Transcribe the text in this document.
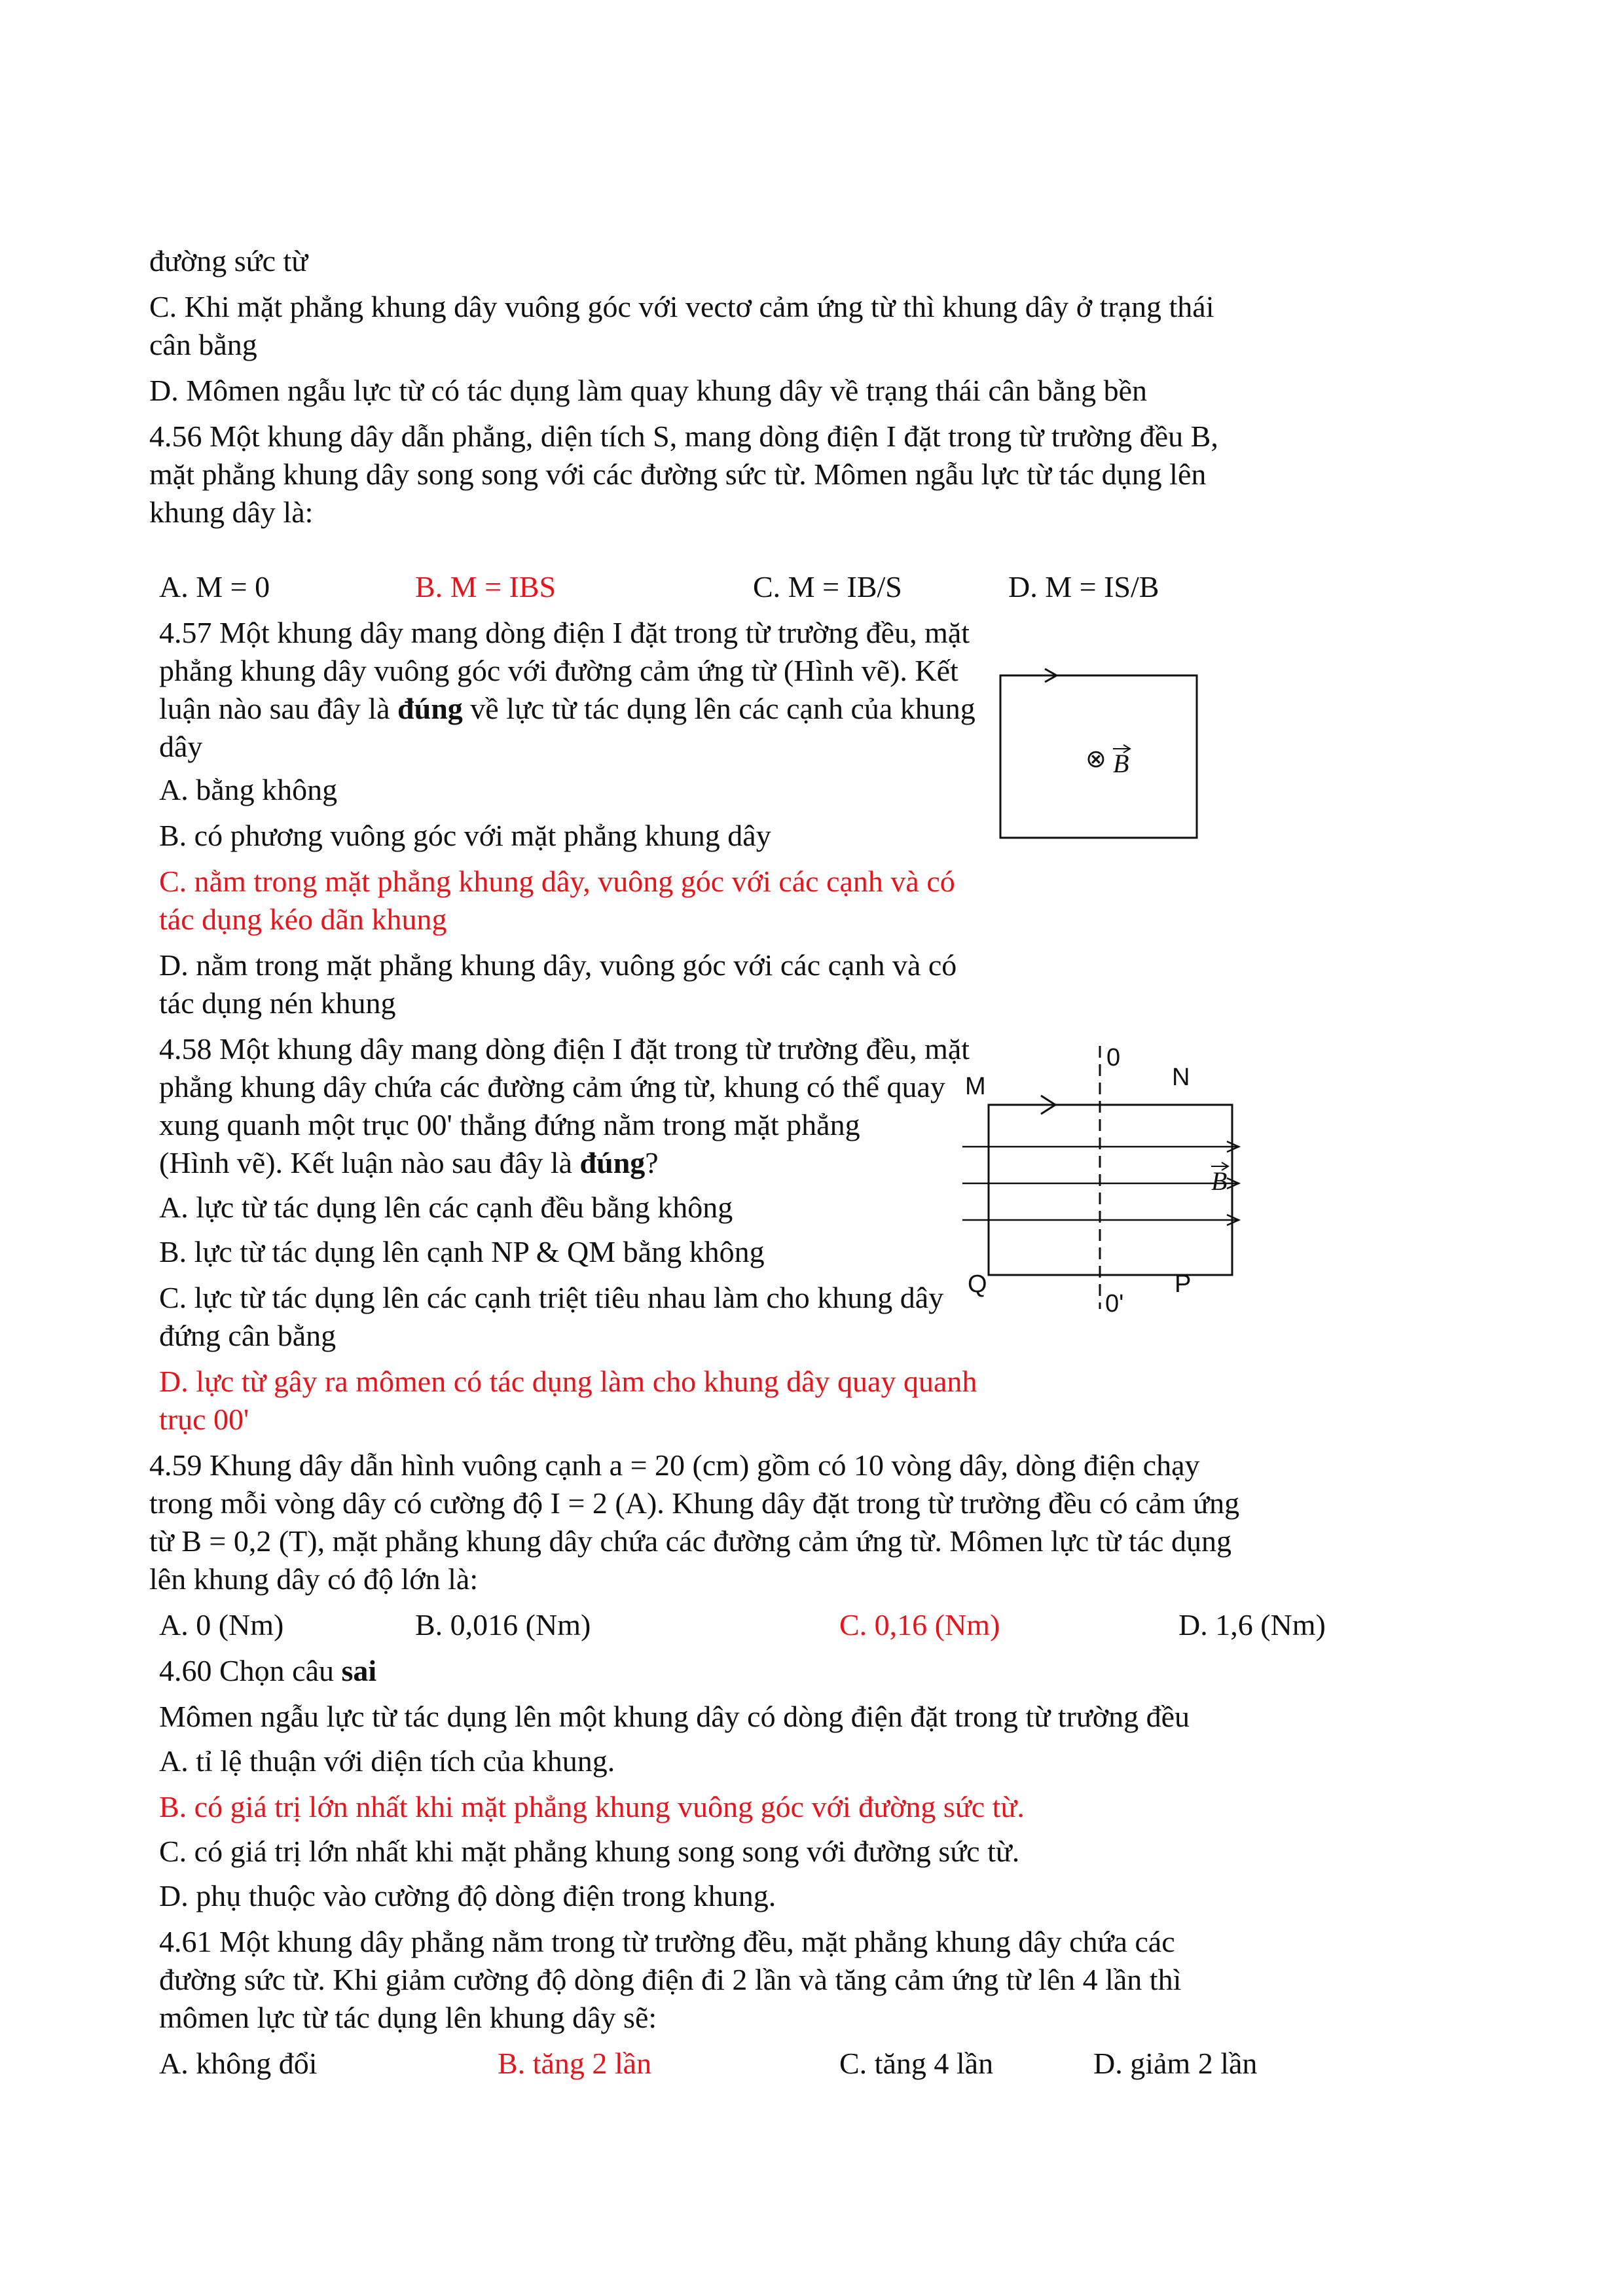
đường sức từ
C. Khi mặt phẳng khung dây vuông góc với vectơ cảm ứng từ thì khung dây ở trạng thái
cân bằng
D. Mômen ngẫu lực từ có tác dụng làm quay khung dây về trạng thái cân bằng bền
4.56 Một khung dây dẫn phẳng, diện tích S, mang dòng điện I đặt trong từ trường đều B,
mặt phẳng khung dây song song với các đường sức từ. Mômen ngẫu lực từ tác dụng lên
khung dây là:
A. M = 0	B. M = IBS	C. M = IB/S	D. M = IS/B
4.57 Một khung dây mang dòng điện I đặt trong từ trường đều, mặt
phẳng khung dây vuông góc với đường cảm ứng từ (Hình vẽ). Kết
luận nào sau đây là đúng về lực từ tác dụng lên các cạnh của khung
dây	⊗ B
A. bằng không
B. có phương vuông góc với mặt phẳng khung dây
C. nằm trong mặt phẳng khung dây, vuông góc với các cạnh và có
tác dụng kéo dãn khung
D. nằm trong mặt phẳng khung dây, vuông góc với các cạnh và có
tác dụng nén khung
4.58 Một khung dây mang dòng điện I đặt trong từ trường đều, mặt
phẳng khung dây chứa các đường cảm ứng từ, khung có thể quay
xung quanh một trục 00' thẳng đứng nằm trong mặt phẳng
(Hình vẽ). Kết luận nào sau đây là đúng?
A. lực từ tác dụng lên các cạnh đều bằng không
B. lực từ tác dụng lên cạnh NP & QM bằng không
C. lực từ tác dụng lên các cạnh triệt tiêu nhau làm cho khung dây
đứng cân bằng
0
0'
M	N
P
Q
B
D. lực từ gây ra mômen có tác dụng làm cho khung dây quay quanh
trục 00'
4.59 Khung dây dẫn hình vuông cạnh a = 20 (cm) gồm có 10 vòng dây, dòng điện chạy
trong mỗi vòng dây có cường độ I = 2 (A). Khung dây đặt trong từ trường đều có cảm ứng
từ B = 0,2 (T), mặt phẳng khung dây chứa các đường cảm ứng từ. Mômen lực từ tác dụng
lên khung dây có độ lớn là:
A. 0 (Nm)	B. 0,016 (Nm)	C. 0,16 (Nm)	D. 1,6 (Nm)
4.60 Chọn câu sai
Mômen ngẫu lực từ tác dụng lên một khung dây có dòng điện đặt trong từ trường đều
A. tỉ lệ thuận với diện tích của khung.
B. có giá trị lớn nhất khi mặt phẳng khung vuông góc với đường sức từ.
C. có giá trị lớn nhất khi mặt phẳng khung song song với đường sức từ.
D. phụ thuộc vào cường độ dòng điện trong khung.
4.61 Một khung dây phẳng nằm trong từ trường đều, mặt phẳng khung dây chứa các
đường sức từ. Khi giảm cường độ dòng điện đi 2 lần và tăng cảm ứng từ lên 4 lần thì
mômen lực từ tác dụng lên khung dây sẽ:
A. không đổi	B. tăng 2 lần	C. tăng 4 lần	D. giảm 2 lần
